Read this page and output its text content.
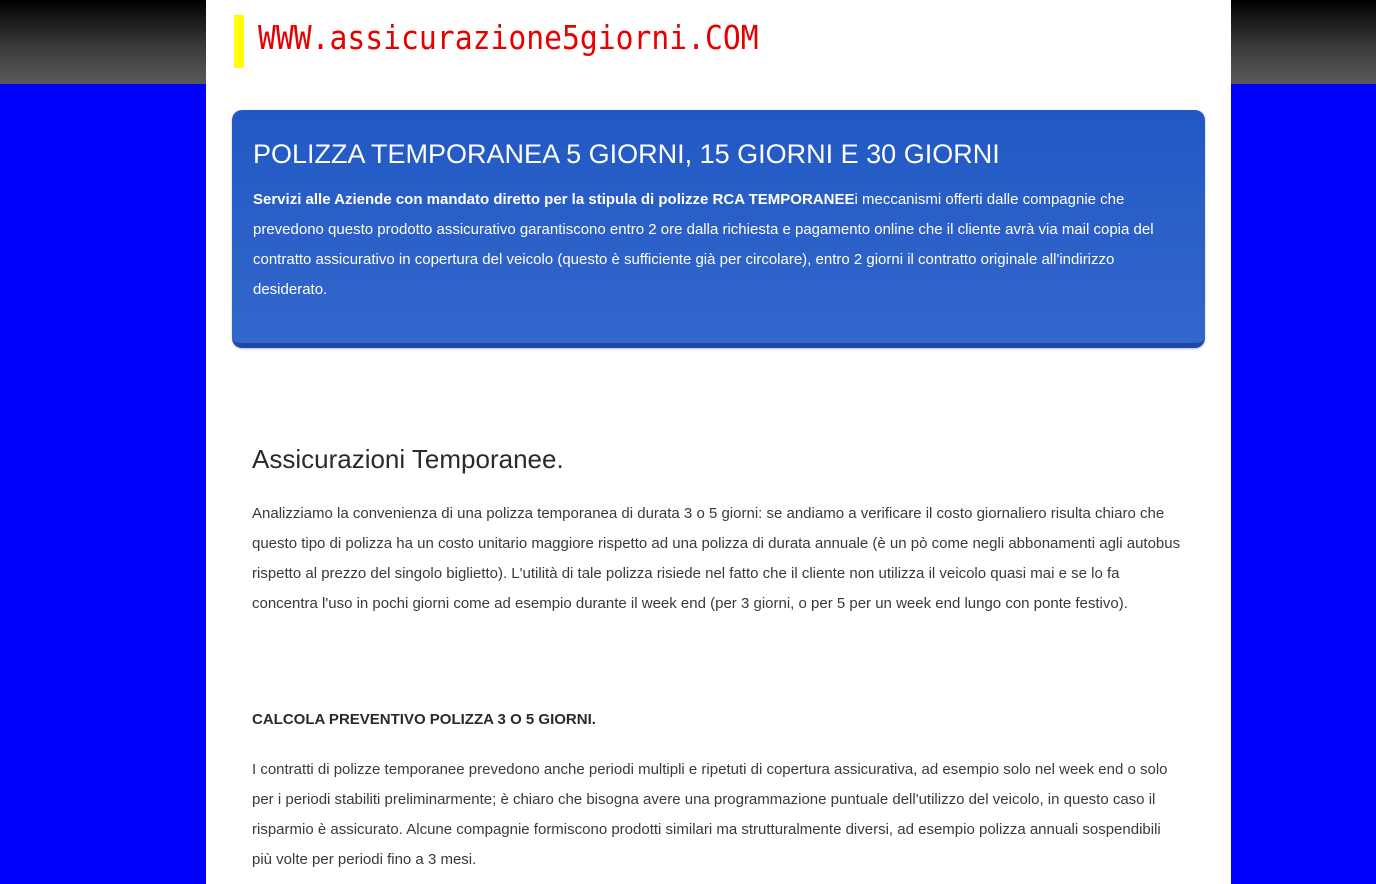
WWW.assicurazione5giorni.COM
POLIZZA TEMPORANEA 5 GIORNI, 15 GIORNI E 30 GIORNI

Servizi alle Aziende con mandato diretto per la stipula di polizze RCA TEMPORANEEi meccanismi offerti dalle compagnie che prevedono questo prodotto assicurativo garantiscono entro 2 ore dalla richiesta e pagamento online che il cliente avrà via mail copia del contratto assicurativo in copertura del veicolo (questo è sufficiente già per circolare), entro 2 giorni il contratto originale all'indirizzo desiderato.

Assicurazioni Temporanee.

Analizziamo la convenienza di una polizza temporanea di durata 3 o 5 giorni: se andiamo a verificare il costo giornaliero risulta chiaro che questo tipo di polizza ha un costo unitario maggiore rispetto ad una polizza di durata annuale (è un pò come negli abbonamenti agli autobus rispetto al prezzo del singolo biglietto). L'utilità di tale polizza risiede nel fatto che il cliente non utilizza il veicolo quasi mai e se lo fa concentra l'uso in pochi giorni come ad esempio durante il week end (per 3 giorni, o per 5 per un week end lungo con ponte festivo).

CALCOLA PREVENTIVO POLIZZA 3 O 5 GIORNI.

I contratti di polizze temporanee prevedono anche periodi multipli e ripetuti di copertura assicurativa, ad esempio solo nel week end o solo per i periodi stabiliti preliminarmente; è chiaro che bisogna avere una programmazione puntuale dell'utilizzo del veicolo, in questo caso il risparmio è assicurato. Alcune compagnie formiscono prodotti similari ma strutturalmente diversi, ad esempio polizza annuali sospendibili più volte per periodi fino a 3 mesi.
